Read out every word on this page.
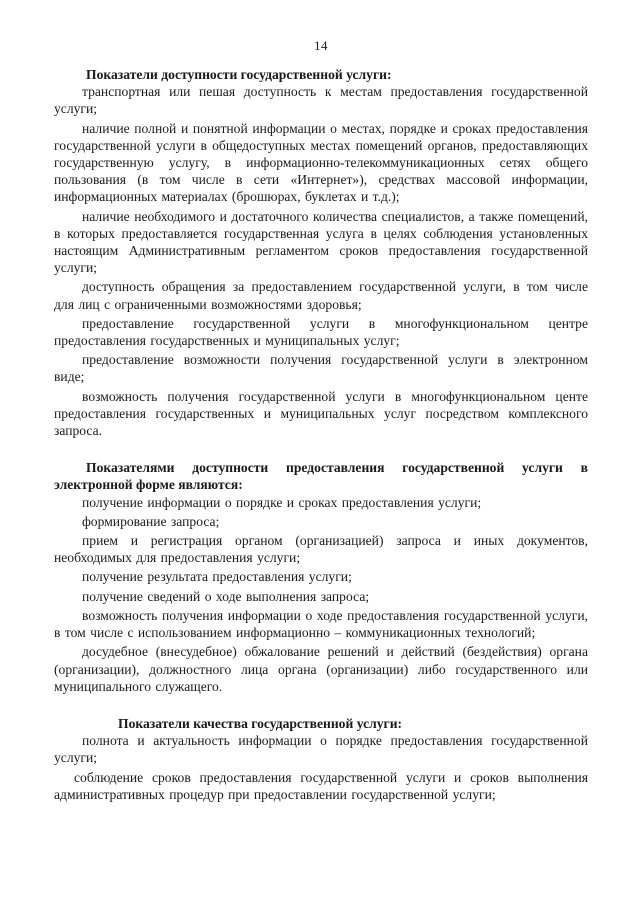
14

Показатели доступности государственной услуги:

транспортная или пешая доступность к местам предоставления государственной услуги;

наличие полной и понятной информации о местах, порядке и сроках предоставления государственной услуги в общедоступных местах помещений органов, предоставляющих государственную услугу, в информационно-телекоммуникационных сетях общего пользования (в том числе в сети «Интернет»), средствах массовой информации, информационных материалах (брошюрах, буклетах и т.д.);

наличие необходимого и достаточного количества специалистов, а также помещений, в которых предоставляется государственная услуга в целях соблюдения установленных настоящим Административным регламентом сроков предоставления государственной услуги;

доступность обращения за предоставлением государственной услуги, в том числе для лиц с ограниченными возможностями здоровья;

предоставление государственной услуги в многофункциональном центре предоставления государственных и муниципальных услуг;

предоставление возможности получения государственной услуги в электронном виде;

возможность получения государственной услуги в многофункциональном центе предоставления государственных и муниципальных услуг посредством комплексного запроса.

Показателями доступности предоставления государственной услуги в электронной форме являются:

получение информации о порядке и сроках предоставления услуги;

формирование запроса;

прием и регистрация органом (организацией) запроса и иных документов, необходимых для предоставления услуги;

получение результата предоставления услуги;

получение сведений о ходе выполнения запроса;

возможность получения информации о ходе предоставления государственной услуги, в том числе с использованием информационно – коммуникационных технологий;

досудебное (внесудебное) обжалование решений и действий (бездействия) органа (организации), должностного лица органа (организации) либо государственного или муниципального служащего.

Показатели качества государственной услуги:

полнота и актуальность информации о порядке предоставления государственной услуги;

соблюдение сроков предоставления государственной услуги и сроков выполнения административных процедур при предоставлении государственной услуги;
